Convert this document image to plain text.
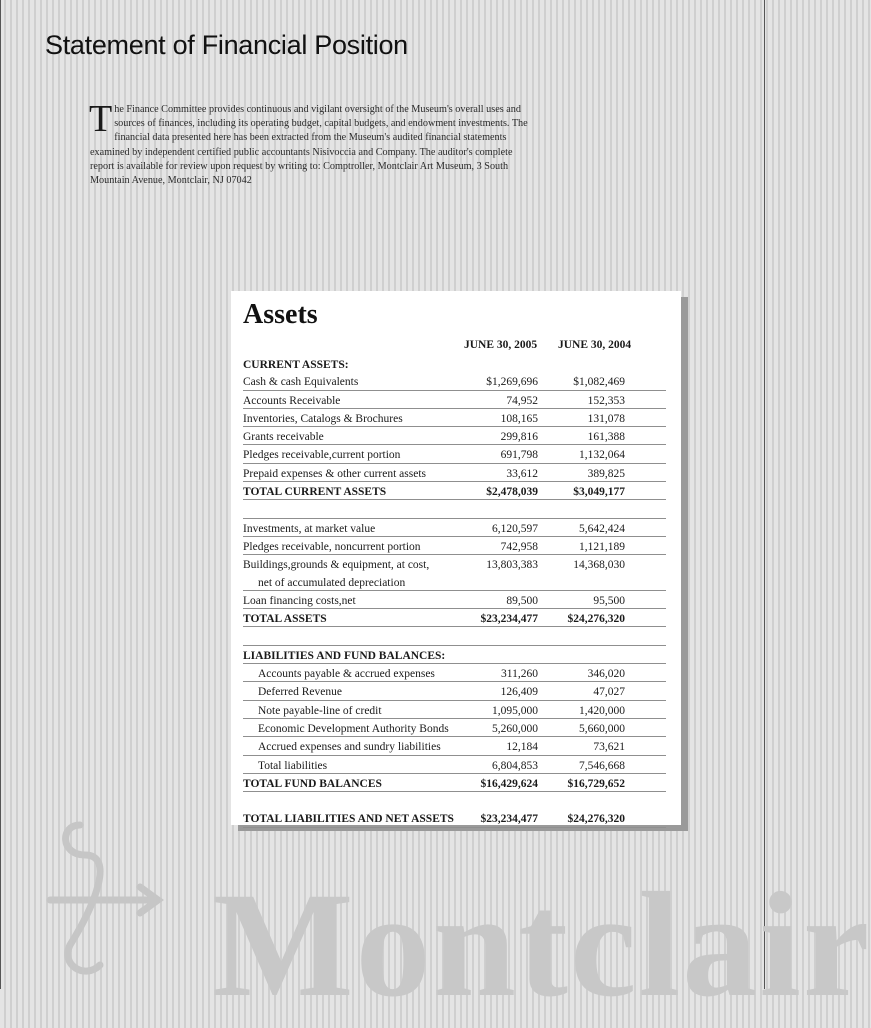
Statement of Financial Position

The Finance Committee provides continuous and vigilant oversight of the Museum's overall uses and sources of finances, including its operating budget, capital budgets, and endowment investments. The financial data presented here has been extracted from the Museum's audited financial statements examined by independent certified public accountants Nisivoccia and Company. The auditor's complete report is available for review upon request by writing to: Comptroller, Montclair Art Museum, 3 South Mountain Avenue, Montclair, NJ 07042

Montclair
Assets
JUNE 30, 2005 JUNE 30, 2004
CURRENT ASSETS:
Cash & cash Equivalents	$1,269,696	$1,082,469
Accounts Receivable	74,952	152,353
Inventories, Catalogs & Brochures	108,165	131,078
Grants receivable	299,816	161,388
Pledges receivable,current portion	691,798	1,132,064
Prepaid expenses & other current assets	33,612	389,825
TOTAL CURRENT ASSETS	$2,478,039	$3,049,177
Investments, at market value	6,120,597	5,642,424
Pledges receivable, noncurrent portion	742,958	1,121,189
Buildings,grounds & equipment, at cost,	13,803,383	14,368,030
net of accumulated depreciation
Loan financing costs,net	89,500	95,500
TOTAL ASSETS	$23,234,477	$24,276,320
LIABILITIES AND FUND BALANCES:
Accounts payable & accrued expenses	311,260	346,020
Deferred Revenue	126,409	47,027
Note payable-line of credit	1,095,000	1,420,000
Economic Development Authority Bonds	5,260,000	5,660,000
Accrued expenses and sundry liabilities	12,184	73,621
Total liabilities	6,804,853	7,546,668
TOTAL FUND BALANCES	$16,429,624	$16,729,652
TOTAL LIABILITIES AND NET ASSETS $23,234,477	$24,276,320
